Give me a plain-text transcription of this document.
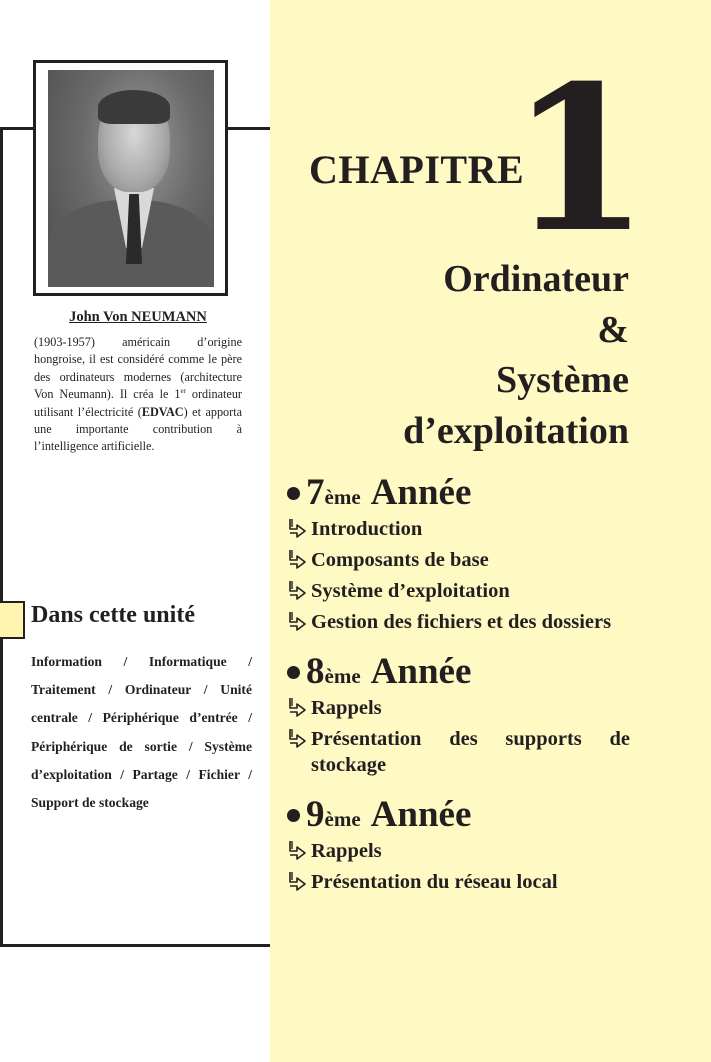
John Von NEUMANN
(1903-1957) américain d’origine hongroise, il est considéré comme le père des ordinateurs modernes (architecture Von Neumann). Il créa le 1er ordinateur utilisant l’électricité (EDVAC) et apporta une importante contribution à l’intelligence artificielle.
Dans cette unité
Information / Informatique / Traitement / Ordinateur / Unité centrale / Périphérique d’entrée / Périphérique de sortie / Système d’exploitation / Partage / Fichier / Support de stockage
CHAPITRE
1
Ordinateur
&
Système
d’exploitation
7 ème Année
Introduction
Composants de base
Système d’exploitation
Gestion des fichiers et des dossiers
8 ème Année
Rappels
Présentation des supports de stockage
9 ème Année
Rappels
Présentation du réseau local
